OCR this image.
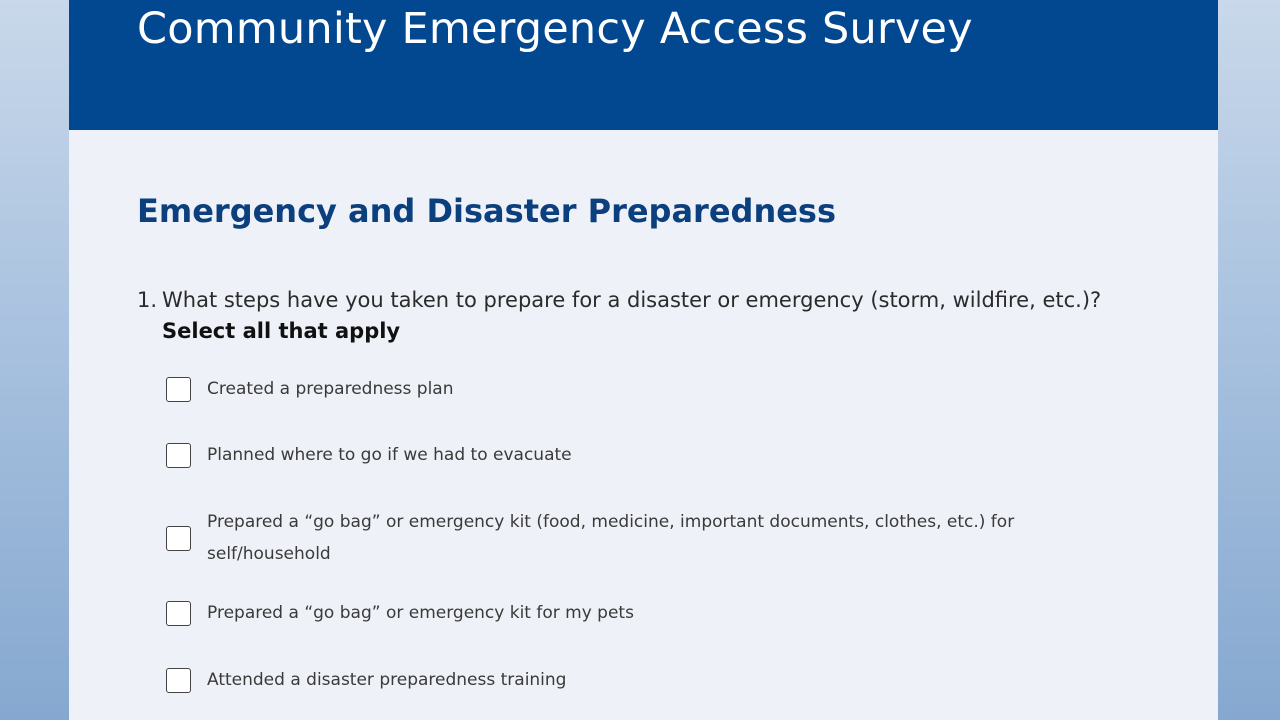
Community Emergency Access Survey
Emergency and Disaster Preparedness
1. What steps have you taken to prepare for a disaster or emergency (storm, wildfire, etc.)? Select all that apply
Created a preparedness plan
Planned where to go if we had to evacuate
Prepared a “go bag” or emergency kit (food, medicine, important documents, clothes, etc.) for self/household
Prepared a “go bag” or emergency kit for my pets
Attended a disaster preparedness training
